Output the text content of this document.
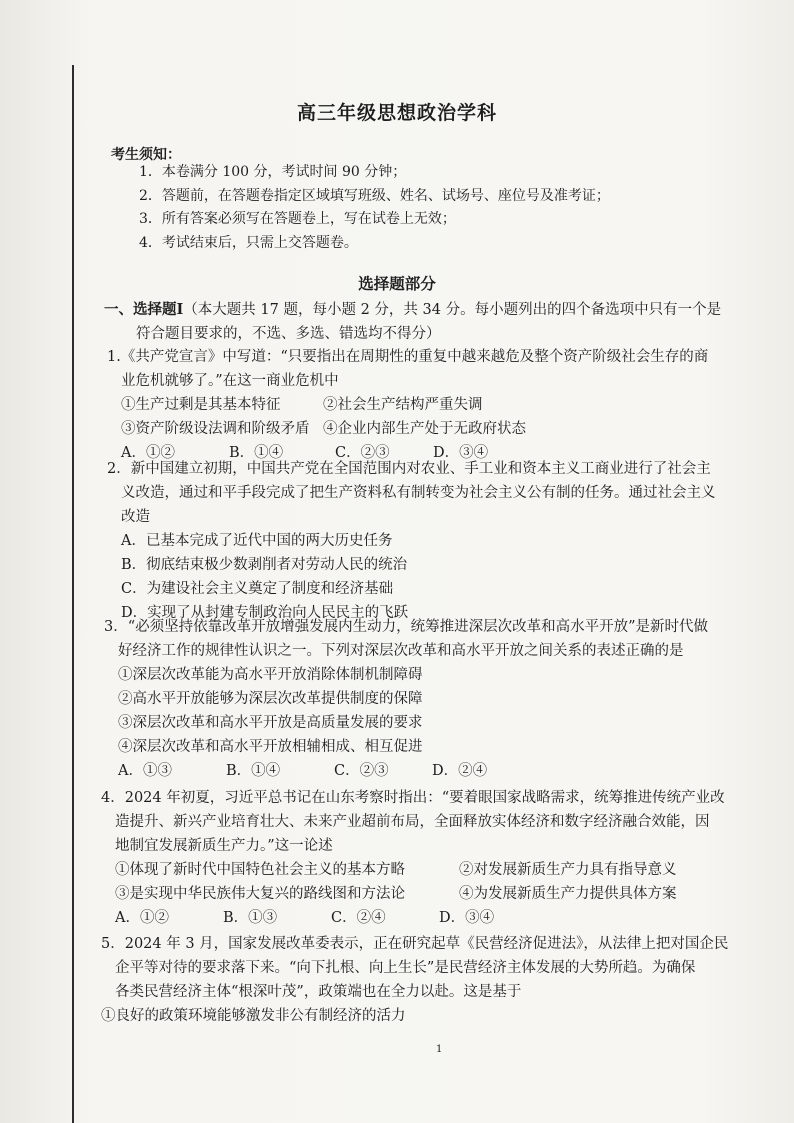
高三年级思想政治学科
考生须知：
1．本卷满分 100 分，考试时间 90 分钟；
2．答题前，在答题卷指定区域填写班级、姓名、试场号、座位号及准考证；
3．所有答案必须写在答题卷上，写在试卷上无效；
4．考试结束后，只需上交答题卷。
选择题部分
一、选择题Ⅰ（本大题共 17 题，每小题 2 分，共 34 分。每小题列出的四个备选项中只有一个是
符合题目要求的，不选、多选、错选均不得分）
1.《共产党宣言》中写道：“只要指出在周期性的重复中越来越危及整个资产阶级社会生存的商
业危机就够了。”在这一商业危机中
①生产过剩是其基本特征	②社会生产结构严重失调
③资产阶级设法调和阶级矛盾 ④企业内部生产处于无政府状态
A．①②	B．①④	C．②③	D．③④
2．新中国建立初期，中国共产党在全国范围内对农业、手工业和资本主义工商业进行了社会主
义改造，通过和平手段完成了把生产资料私有制转变为社会主义公有制的任务。通过社会主义
改造
A．已基本完成了近代中国的两大历史任务
B．彻底结束极少数剥削者对劳动人民的统治
C．为建设社会主义奠定了制度和经济基础
D．实现了从封建专制政治向人民民主的飞跃
3．“必须坚持依靠改革开放增强发展内生动力，统筹推进深层次改革和高水平开放”是新时代做
好经济工作的规律性认识之一。下列对深层次改革和高水平开放之间关系的表述正确的是
①深层次改革能为高水平开放消除体制机制障碍
②高水平开放能够为深层次改革提供制度的保障
③深层次改革和高水平开放是高质量发展的要求
④深层次改革和高水平开放相辅相成、相互促进
A．①③	B．①④	C．②③	D．②④
4．2024 年初夏，习近平总书记在山东考察时指出：“要着眼国家战略需求，统筹推进传统产业改
造提升、新兴产业培育壮大、未来产业超前布局，全面释放实体经济和数字经济融合效能，因
地制宜发展新质生产力。”这一论述
①体现了新时代中国特色社会主义的基本方略	②对发展新质生产力具有指导意义
③是实现中华民族伟大复兴的路线图和方法论	④为发展新质生产力提供具体方案
A．①②	B．①③	C．②④	D．③④
5．2024 年 3 月，国家发展改革委表示，正在研究起草《民营经济促进法》，从法律上把对国企民
企平等对待的要求落下来。“向下扎根、向上生长”是民营经济主体发展的大势所趋。为确保
各类民营经济主体“根深叶茂”，政策端也在全力以赴。这是基于
①良好的政策环境能够激发非公有制经济的活力
1
